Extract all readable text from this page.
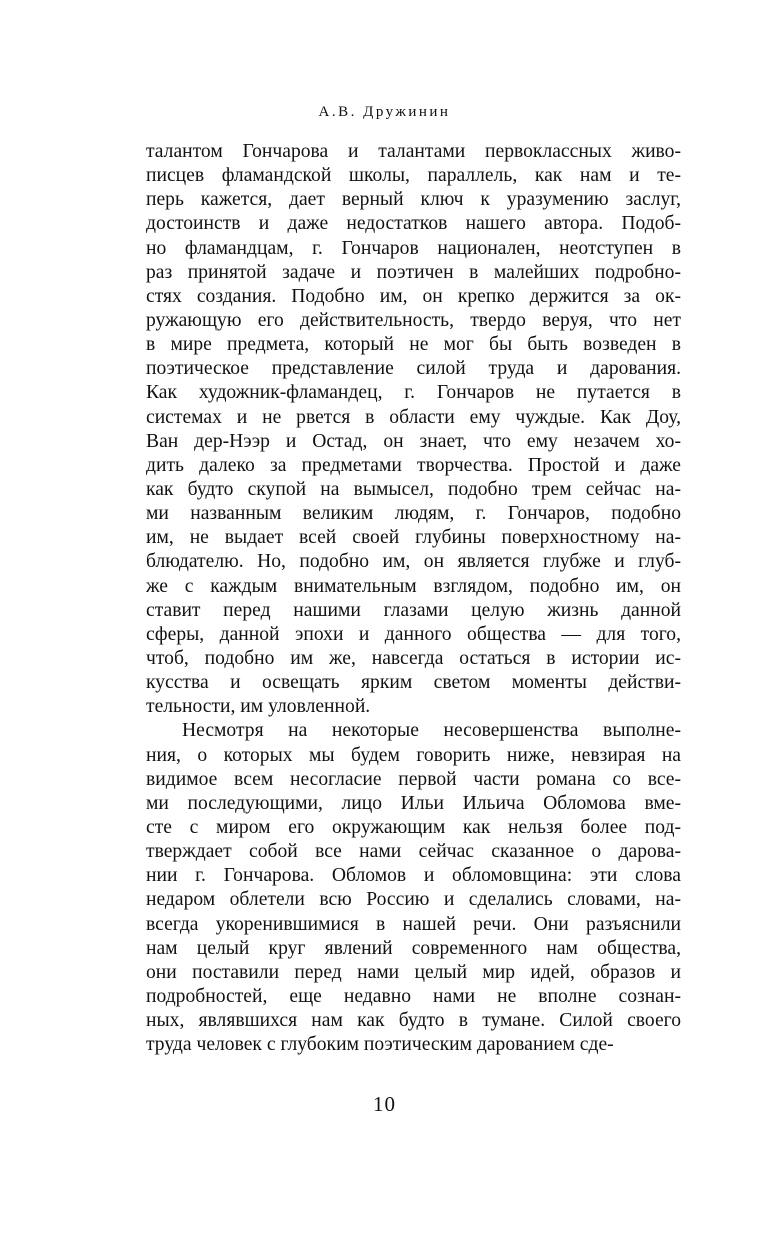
А.В. Дружинин
талантом Гончарова и талантами первоклассных живо-
писцев фламандской школы, параллель, как нам и те-
перь кажется, дает верный ключ к уразумению заслуг,
достоинств и даже недостатков нашего автора. Подоб-
но фламандцам, г. Гончаров национален, неотступен в
раз принятой задаче и поэтичен в малейших подробно-
стях создания. Подобно им, он крепко держится за ок-
ружающую его действительность, твердо веруя, что нет
в мире предмета, который не мог бы быть возведен в
поэтическое представление силой труда и дарования.
Как художник-фламандец, г. Гончаров не путается в
системах и не рвется в области ему чуждые. Как Доу,
Ван дер-Нээр и Остад, он знает, что ему незачем хо-
дить далеко за предметами творчества. Простой и даже
как будто скупой на вымысел, подобно трем сейчас на-
ми названным великим людям, г. Гончаров, подобно
им, не выдает всей своей глубины поверхностному на-
блюдателю. Но, подобно им, он является глубже и глуб-
же с каждым внимательным взглядом, подобно им, он
ставит перед нашими глазами целую жизнь данной
сферы, данной эпохи и данного общества — для того,
чтоб, подобно им же, навсегда остаться в истории ис-
кусства и освещать ярким светом моменты действи-
тельности, им уловленной.
Несмотря на некоторые несовершенства выполне-
ния, о которых мы будем говорить ниже, невзирая на
видимое всем несогласие первой части романа со все-
ми последующими, лицо Ильи Ильича Обломова вме-
сте с миром его окружающим как нельзя более под-
тверждает собой все нами сейчас сказанное о дарова-
нии г. Гончарова. Обломов и обломовщина: эти слова
недаром облетели всю Россию и сделались словами, на-
всегда укоренившимися в нашей речи. Они разъяснили
нам целый круг явлений современного нам общества,
они поставили перед нами целый мир идей, образов и
подробностей, еще недавно нами не вполне сознан-
ных, являвшихся нам как будто в тумане. Силой своего
труда человек с глубоким поэтическим дарованием сде-
10
